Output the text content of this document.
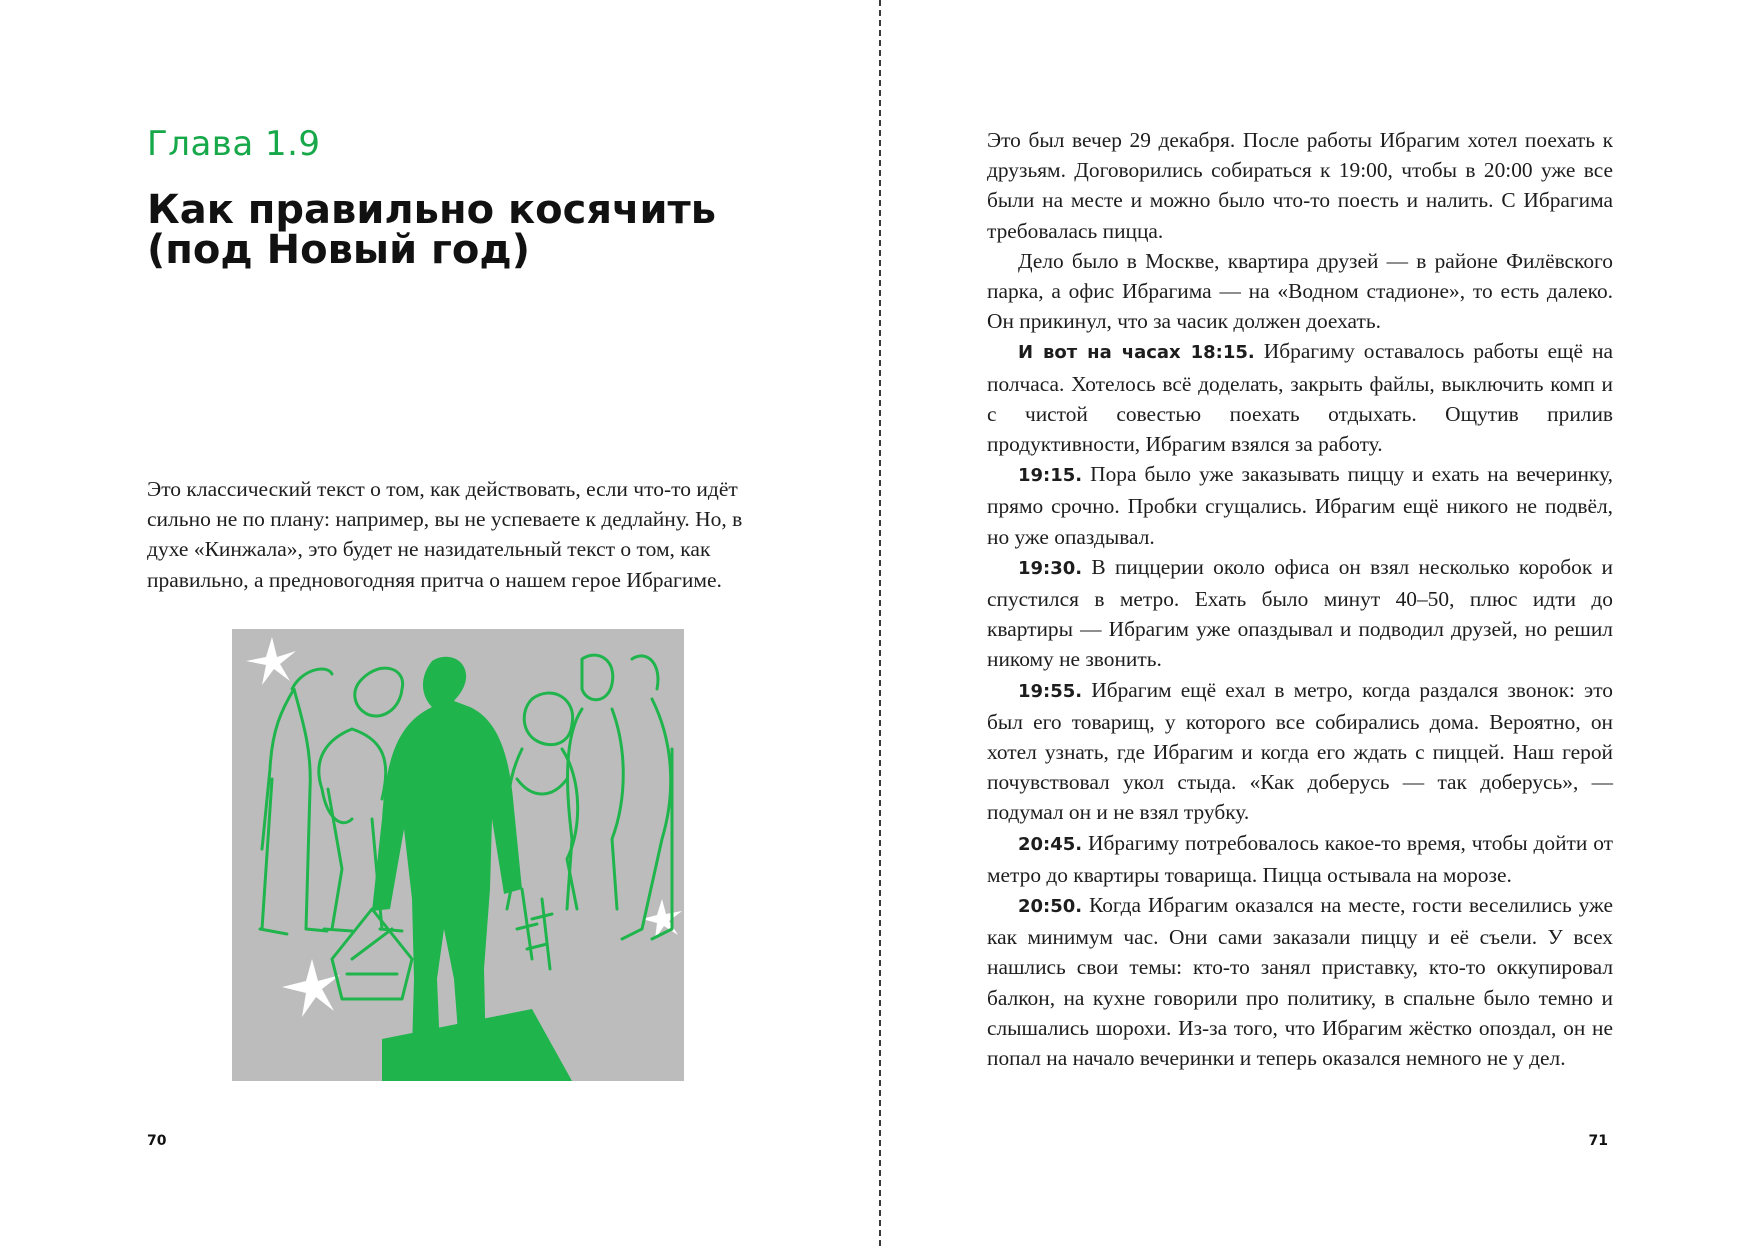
Глава 1.9
Как правильно косячить
(под Новый год)
Это классический текст о том, как действовать, если что-то идёт сильно не по плану: например, вы не успеваете к дедлайну. Но, в духе «Кинжала», это будет не назидательный текст о том, как правильно, а предновогодняя притча о нашем герое Ибрагиме.
70

Это был вечер 29 декабря. После работы Ибрагим хотел поехать к друзьям. Договорились собираться к 19:00, чтобы в 20:00 уже все были на месте и можно было что-то поесть и налить. С Ибрагима требовалась пицца.

Дело было в Москве, квартира друзей — в районе Филёвского парка, а офис Ибрагима — на «Водном стадионе», то есть далеко. Он прикинул, что за часик должен доехать.

И вот на часах 18:15. Ибрагиму оставалось работы ещё на полчаса. Хотелось всё доделать, закрыть файлы, выключить комп и с чистой совестью поехать отдыхать. Ощутив прилив продуктивности, Ибрагим взялся за работу.

19:15. Пора было уже заказывать пиццу и ехать на вечеринку, прямо срочно. Пробки сгущались. Ибрагим ещё никого не подвёл, но уже опаздывал.

19:30. В пиццерии около офиса он взял несколько коробок и спустился в метро. Ехать было минут 40–50, плюс идти до квартиры — Ибрагим уже опаздывал и подводил друзей, но решил никому не звонить.

19:55. Ибрагим ещё ехал в метро, когда раздался звонок: это был его товарищ, у которого все собирались дома. Вероятно, он хотел узнать, где Ибрагим и когда его ждать с пиццей. Наш герой почувствовал укол стыда. «Как доберусь — так доберусь», — подумал он и не взял трубку.

20:45. Ибрагиму потребовалось какое-то время, чтобы дойти от метро до квартиры товарища. Пицца остывала на морозе.

20:50. Когда Ибрагим оказался на месте, гости веселились уже как минимум час. Они сами заказали пиццу и её съели. У всех нашлись свои темы: кто-то занял приставку, кто-то оккупировал балкон, на кухне говорили про политику, в спальне было темно и слышались шорохи. Из-за того, что Ибрагим жёстко опоздал, он не попал на начало вечеринки и теперь оказался немного не у дел.

71
